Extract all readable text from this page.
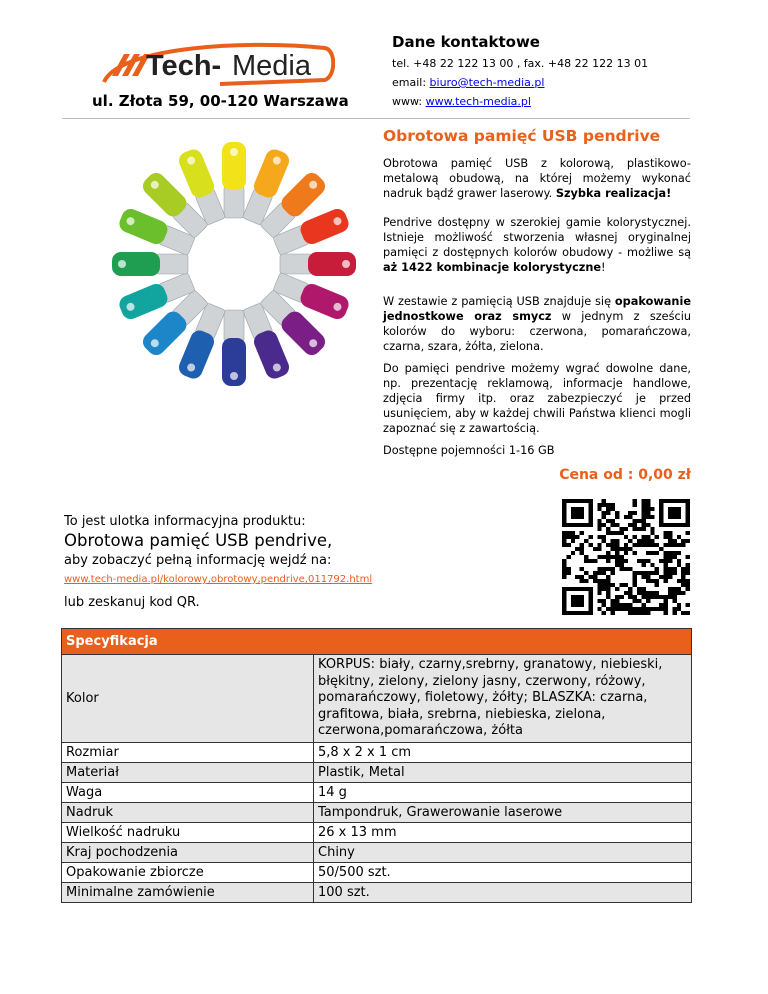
Tech- Media
ul. Złota 59, 00-120 Warszawa
Dane kontaktowe
tel. +48 22 122 13 00 , fax. +48 22 122 13 01
email: biuro@tech-media.pl
www: www.tech-media.pl
Obrotowa pamięć USB pendrive
Obrotowa pamięć USB z kolorową, plastikowo-metalową obudową, na której możemy wykonać nadruk bądź grawer laserowy. Szybka realizacja!
Pendrive dostępny w szerokiej gamie kolorystycznej. Istnieje możliwość stworzenia własnej oryginalnej pamięci z dostępnych kolorów obudowy - możliwe są aż 1422 kombinacje kolorystyczne!
W zestawie z pamięcią USB znajduje się opakowanie jednostkowe oraz smycz w jednym z sześciu kolorów do wyboru: czerwona, pomarańczowa, czarna, szara, żółta, zielona.
Do pamięci pendrive możemy wgrać dowolne dane, np. prezentację reklamową, informacje handlowe, zdjęcia firmy itp. oraz zabezpieczyć je przed usunięciem, aby w każdej chwili Państwa klienci mogli zapoznać się z zawartością.
Dostępne pojemności 1-16 GB
Cena od : 0,00 zł
To jest ulotka informacyjna produktu:
Obrotowa pamięć USB pendrive,
aby zobaczyć pełną informację wejdź na:
www.tech-media.pl/kolorowy,obrotowy,pendrive,011792.html
lub zeskanuj kod QR.
Specyfikacja
Kolor	KORPUS: biały, czarny,srebrny, granatowy, niebieski, błękitny, zielony, zielony jasny, czerwony, różowy, pomarańczowy, fioletowy, żółty; BLASZKA: czarna, grafitowa, biała, srebrna, niebieska, zielona, czerwona,pomarańczowa, żółta
Rozmiar	5,8 x 2 x 1 cm
Materiał	Plastik, Metal
Waga	14 g
Nadruk	Tampondruk, Grawerowanie laserowe
Wielkość nadruku	26 x 13 mm
Kraj pochodzenia	Chiny
Opakowanie zbiorcze	50/500 szt.
Minimalne zamówienie	100 szt.
